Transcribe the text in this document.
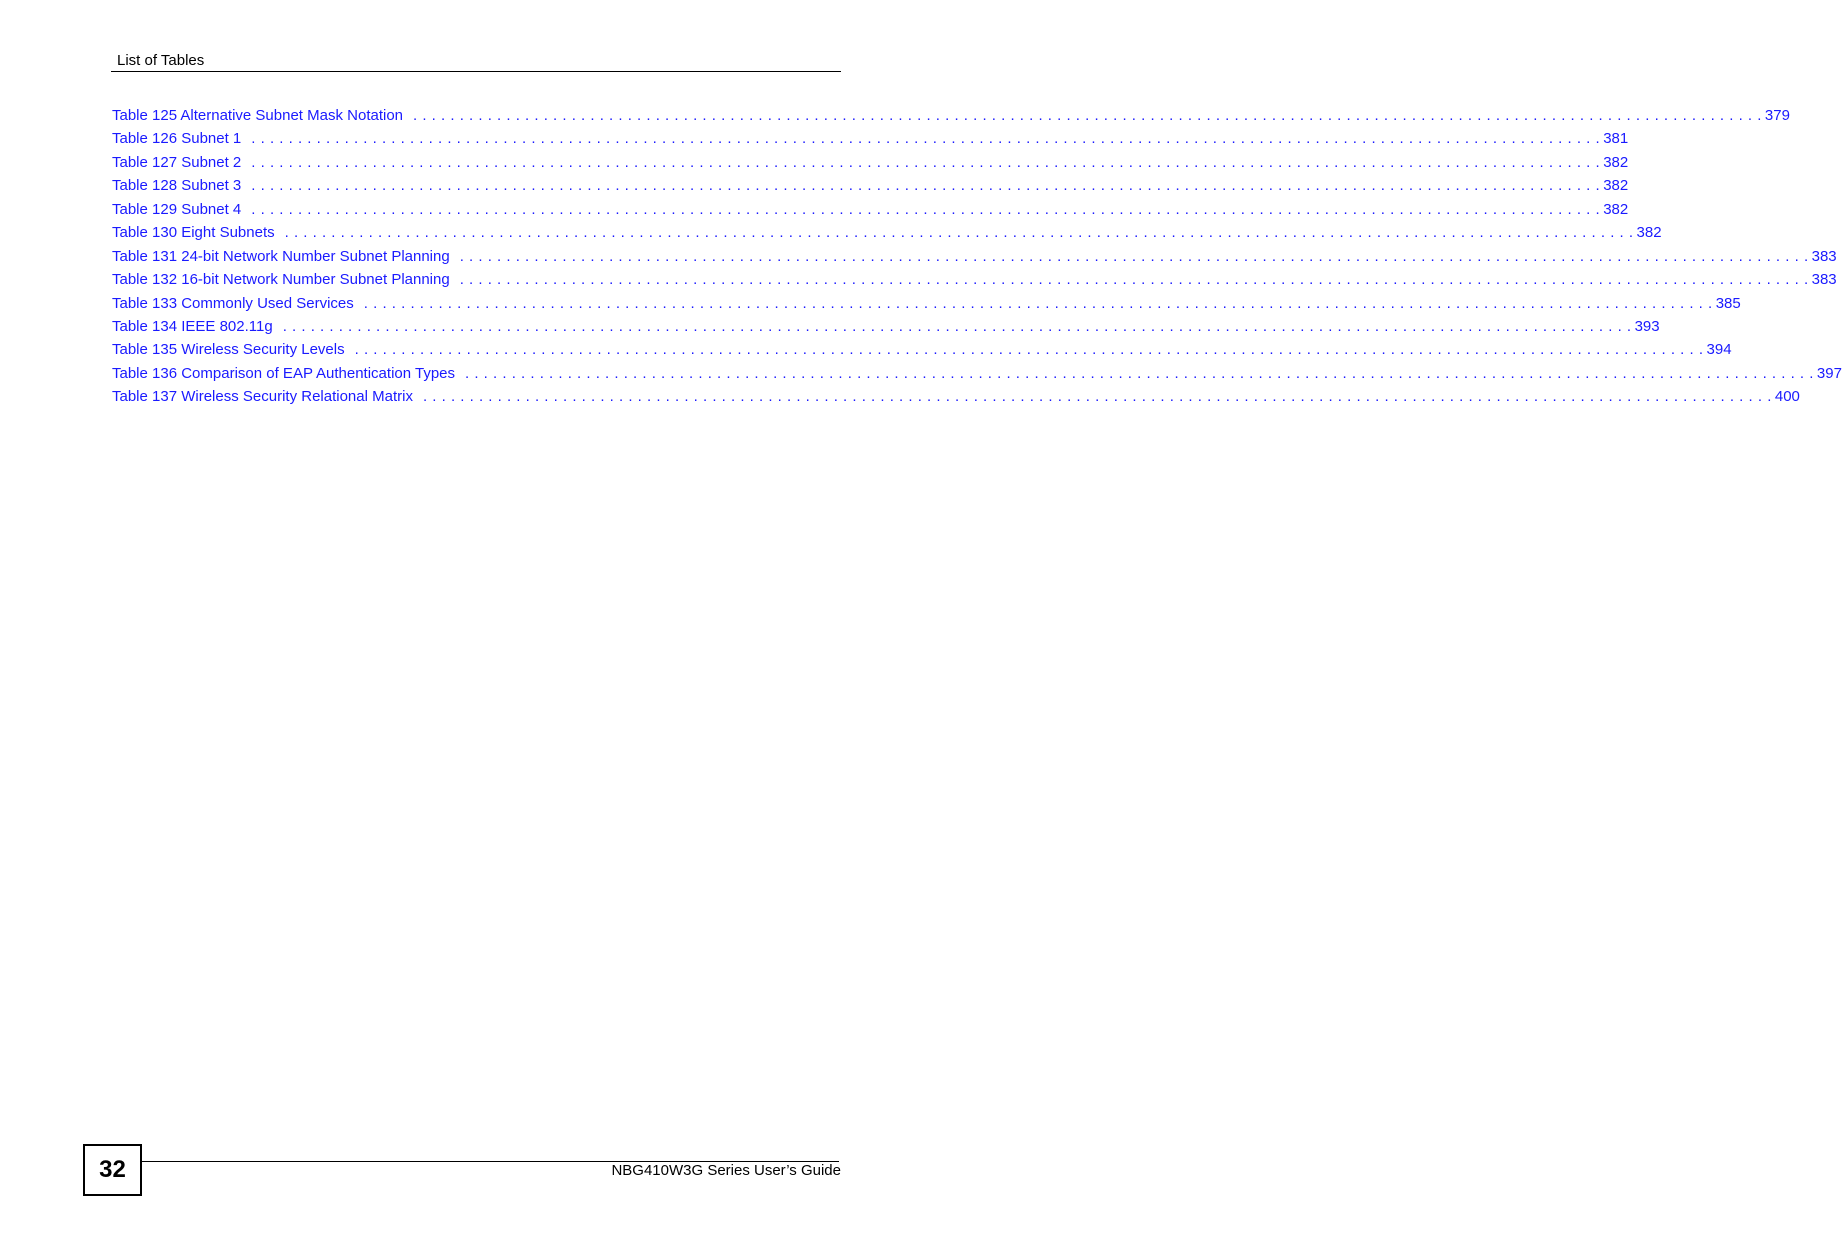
List of Tables
Table 125 Alternative Subnet Mask Notation . . . . . . . . . . . . . . . . . . . . . . . . . . . . . . . . . . . . . . . . . . . . . . . . . . . . . . . . . . . . . . . . . . . . . . . . . . . . . . . . . . . . . . . . . . . . . . . . . . . . . . . . . . . . . . . . . . . . . . . . . . . . . . . . . . . . . . . . . . . . . . . . . 379
Table 126 Subnet 1 . . . . . . . . . . . . . . . . . . . . . . . . . . . . . . . . . . . . . . . . . . . . . . . . . . . . . . . . . . . . . . . . . . . . . . . . . . . . . . . . . . . . . . . . . . . . . . . . . . . . . . . . . . . . . . . . . . . . . . . . . . . . . . . . . . . . . . . . . . . . . . . . . 381
Table 127 Subnet 2 . . . . . . . . . . . . . . . . . . . . . . . . . . . . . . . . . . . . . . . . . . . . . . . . . . . . . . . . . . . . . . . . . . . . . . . . . . . . . . . . . . . . . . . . . . . . . . . . . . . . . . . . . . . . . . . . . . . . . . . . . . . . . . . . . . . . . . . . . . . . . . . . . 382
Table 128 Subnet 3 . . . . . . . . . . . . . . . . . . . . . . . . . . . . . . . . . . . . . . . . . . . . . . . . . . . . . . . . . . . . . . . . . . . . . . . . . . . . . . . . . . . . . . . . . . . . . . . . . . . . . . . . . . . . . . . . . . . . . . . . . . . . . . . . . . . . . . . . . . . . . . . . . 382
Table 129 Subnet 4 . . . . . . . . . . . . . . . . . . . . . . . . . . . . . . . . . . . . . . . . . . . . . . . . . . . . . . . . . . . . . . . . . . . . . . . . . . . . . . . . . . . . . . . . . . . . . . . . . . . . . . . . . . . . . . . . . . . . . . . . . . . . . . . . . . . . . . . . . . . . . . . . . 382
Table 130 Eight Subnets . . . . . . . . . . . . . . . . . . . . . . . . . . . . . . . . . . . . . . . . . . . . . . . . . . . . . . . . . . . . . . . . . . . . . . . . . . . . . . . . . . . . . . . . . . . . . . . . . . . . . . . . . . . . . . . . . . . . . . . . . . . . . . . . . . . . . . . . . . . . . . . . . 382
Table 131 24-bit Network Number Subnet Planning . . . . . . . . . . . . . . . . . . . . . . . . . . . . . . . . . . . . . . . . . . . . . . . . . . . . . . . . . . . . . . . . . . . . . . . . . . . . . . . . . . . . . . . . . . . . . . . . . . . . . . . . . . . . . . . . . . . . . . . . . . . . . . . . . . . . . . . . . . . . . . . . . 383
Table 132 16-bit Network Number Subnet Planning . . . . . . . . . . . . . . . . . . . . . . . . . . . . . . . . . . . . . . . . . . . . . . . . . . . . . . . . . . . . . . . . . . . . . . . . . . . . . . . . . . . . . . . . . . . . . . . . . . . . . . . . . . . . . . . . . . . . . . . . . . . . . . . . . . . . . . . . . . . . . . . . . 383
Table 133 Commonly Used Services . . . . . . . . . . . . . . . . . . . . . . . . . . . . . . . . . . . . . . . . . . . . . . . . . . . . . . . . . . . . . . . . . . . . . . . . . . . . . . . . . . . . . . . . . . . . . . . . . . . . . . . . . . . . . . . . . . . . . . . . . . . . . . . . . . . . . . . . . . . . . . . . . 385
Table 134 IEEE 802.11g . . . . . . . . . . . . . . . . . . . . . . . . . . . . . . . . . . . . . . . . . . . . . . . . . . . . . . . . . . . . . . . . . . . . . . . . . . . . . . . . . . . . . . . . . . . . . . . . . . . . . . . . . . . . . . . . . . . . . . . . . . . . . . . . . . . . . . . . . . . . . . . . . 393
Table 135 Wireless Security Levels . . . . . . . . . . . . . . . . . . . . . . . . . . . . . . . . . . . . . . . . . . . . . . . . . . . . . . . . . . . . . . . . . . . . . . . . . . . . . . . . . . . . . . . . . . . . . . . . . . . . . . . . . . . . . . . . . . . . . . . . . . . . . . . . . . . . . . . . . . . . . . . . . 394
Table 136 Comparison of EAP Authentication Types . . . . . . . . . . . . . . . . . . . . . . . . . . . . . . . . . . . . . . . . . . . . . . . . . . . . . . . . . . . . . . . . . . . . . . . . . . . . . . . . . . . . . . . . . . . . . . . . . . . . . . . . . . . . . . . . . . . . . . . . . . . . . . . . . . . . . . . . . . . . . . . . . 397
Table 137 Wireless Security Relational Matrix . . . . . . . . . . . . . . . . . . . . . . . . . . . . . . . . . . . . . . . . . . . . . . . . . . . . . . . . . . . . . . . . . . . . . . . . . . . . . . . . . . . . . . . . . . . . . . . . . . . . . . . . . . . . . . . . . . . . . . . . . . . . . . . . . . . . . . . . . . . . . . . . . 400
32	NBG410W3G Series User’s Guide
